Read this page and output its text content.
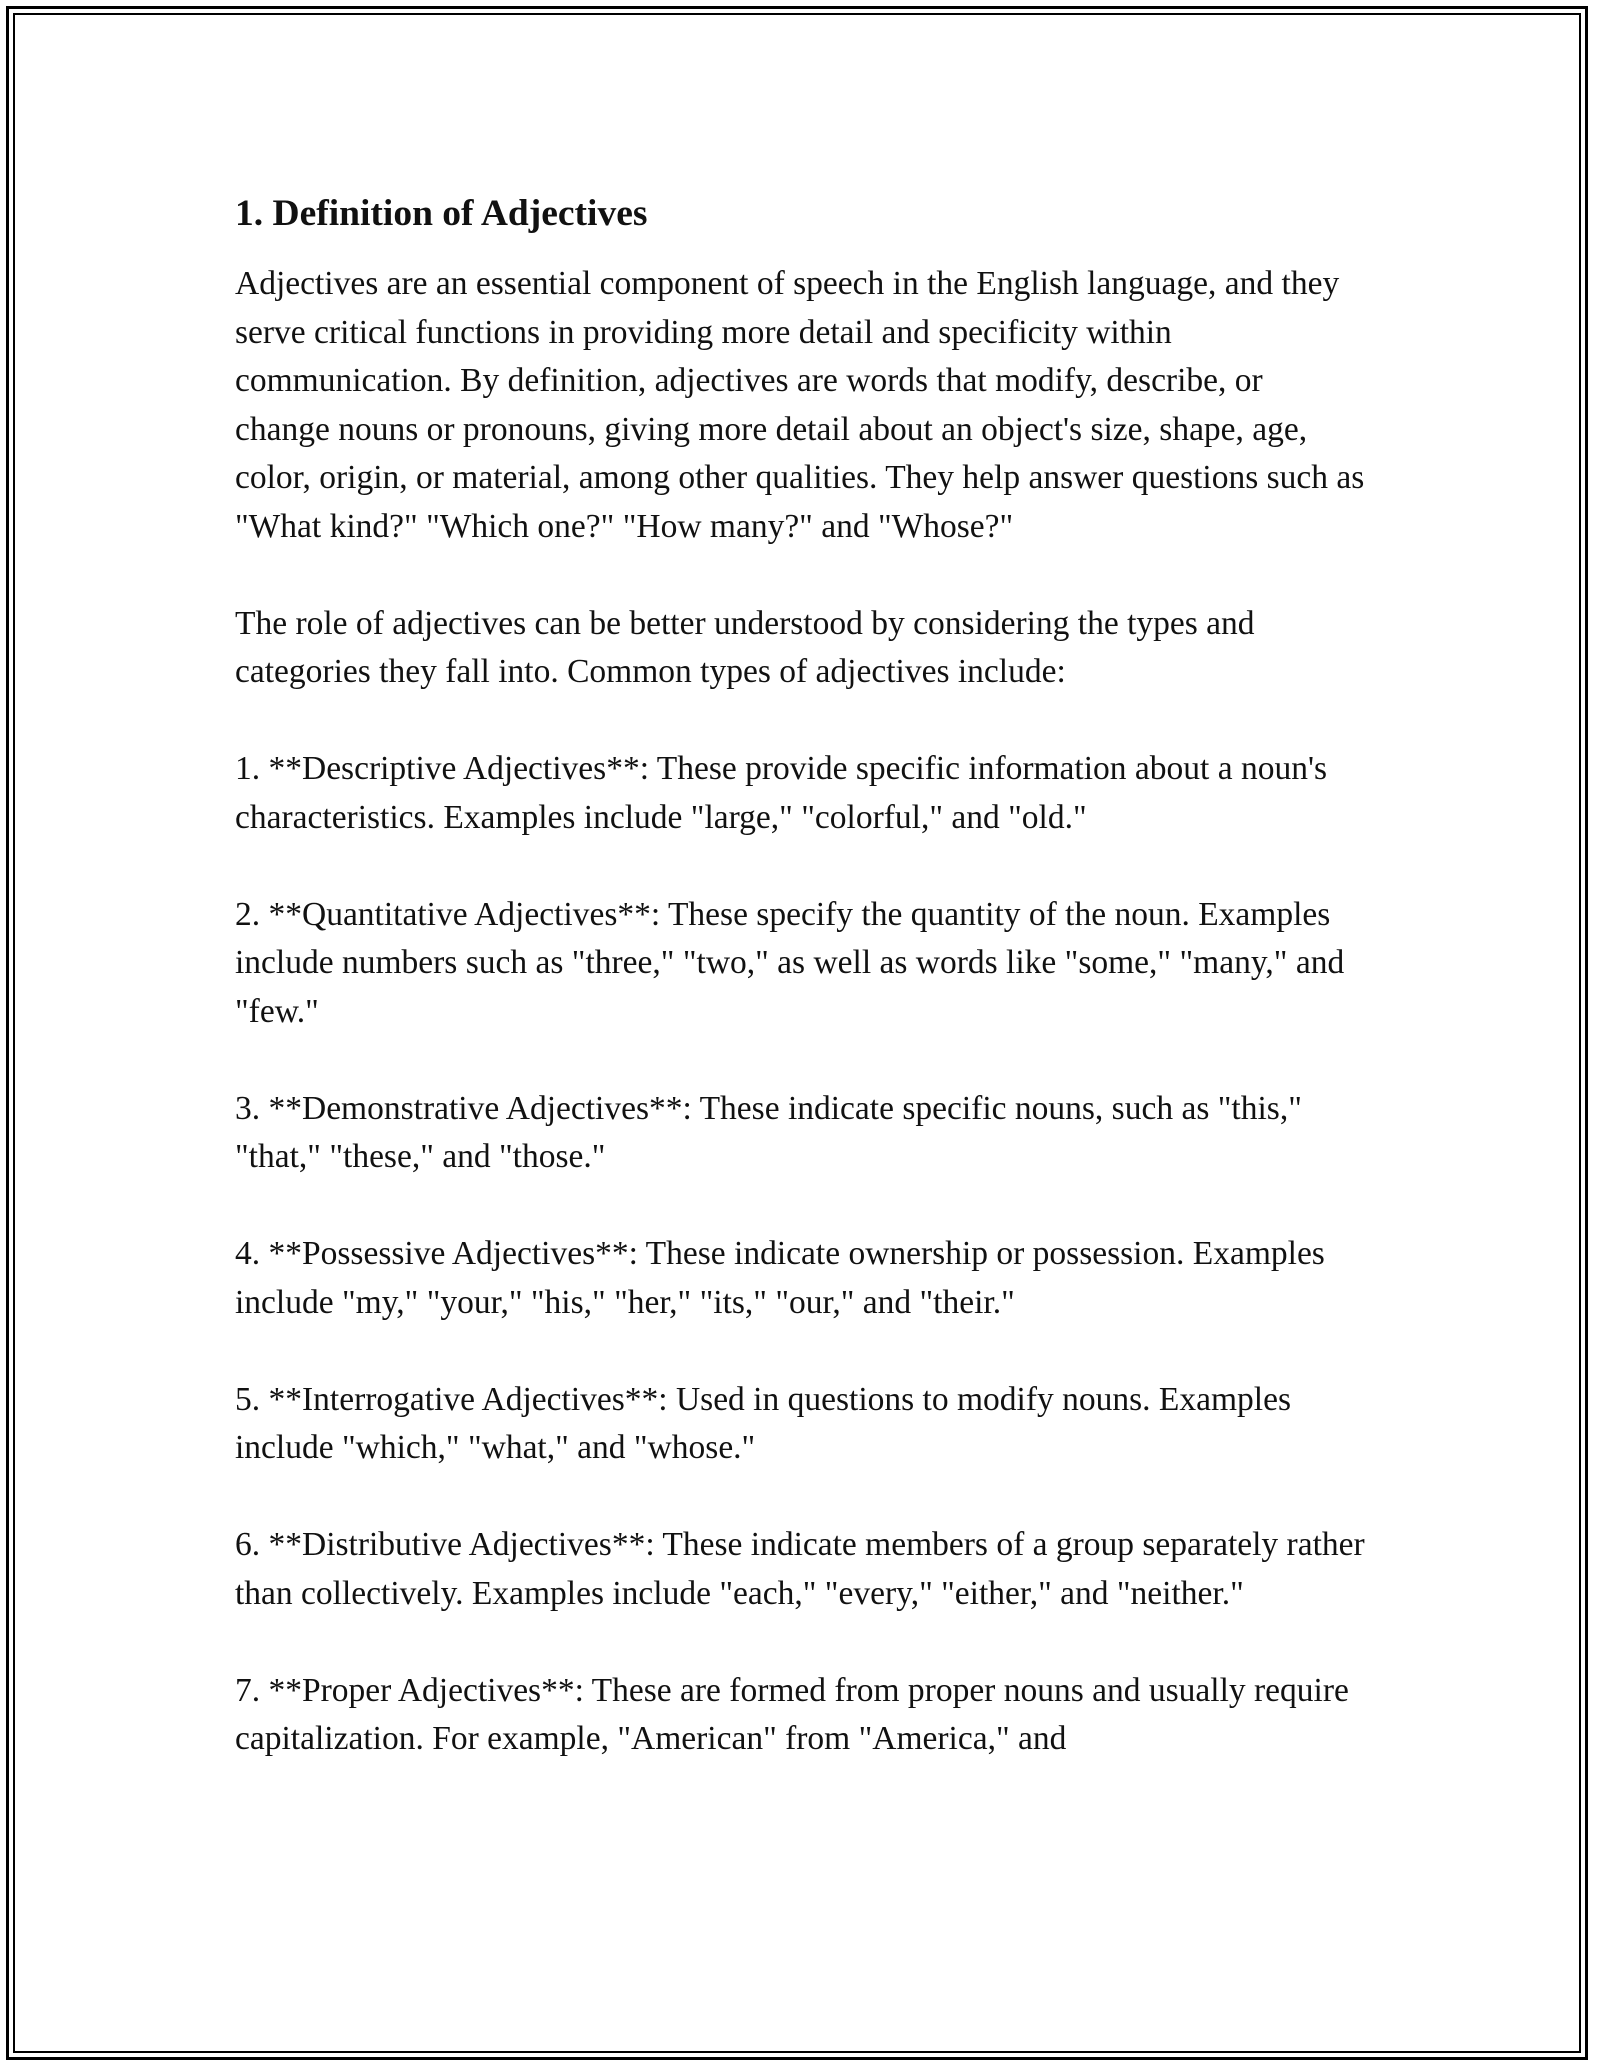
1. Definition of Adjectives

Adjectives are an essential component of speech in the English language, and they serve critical functions in providing more detail and specificity within communication. By definition, adjectives are words that modify, describe, or change nouns or pronouns, giving more detail about an object's size, shape, age, color, origin, or material, among other qualities. They help answer questions such as "What kind?" "Which one?" "How many?" and "Whose?"

The role of adjectives can be better understood by considering the types and categories they fall into. Common types of adjectives include:

1. **Descriptive Adjectives**: These provide specific information about a noun's characteristics. Examples include "large," "colorful," and "old."

2. **Quantitative Adjectives**: These specify the quantity of the noun. Examples include numbers such as "three," "two," as well as words like "some," "many," and "few."

3. **Demonstrative Adjectives**: These indicate specific nouns, such as "this," "that," "these," and "those."

4. **Possessive Adjectives**: These indicate ownership or possession. Examples include "my," "your," "his," "her," "its," "our," and "their."

5. **Interrogative Adjectives**: Used in questions to modify nouns. Examples include "which," "what," and "whose."

6. **Distributive Adjectives**: These indicate members of a group separately rather than collectively. Examples include "each," "every," "either," and "neither."

7. **Proper Adjectives**: These are formed from proper nouns and usually require capitalization. For example, "American" from "America," and
